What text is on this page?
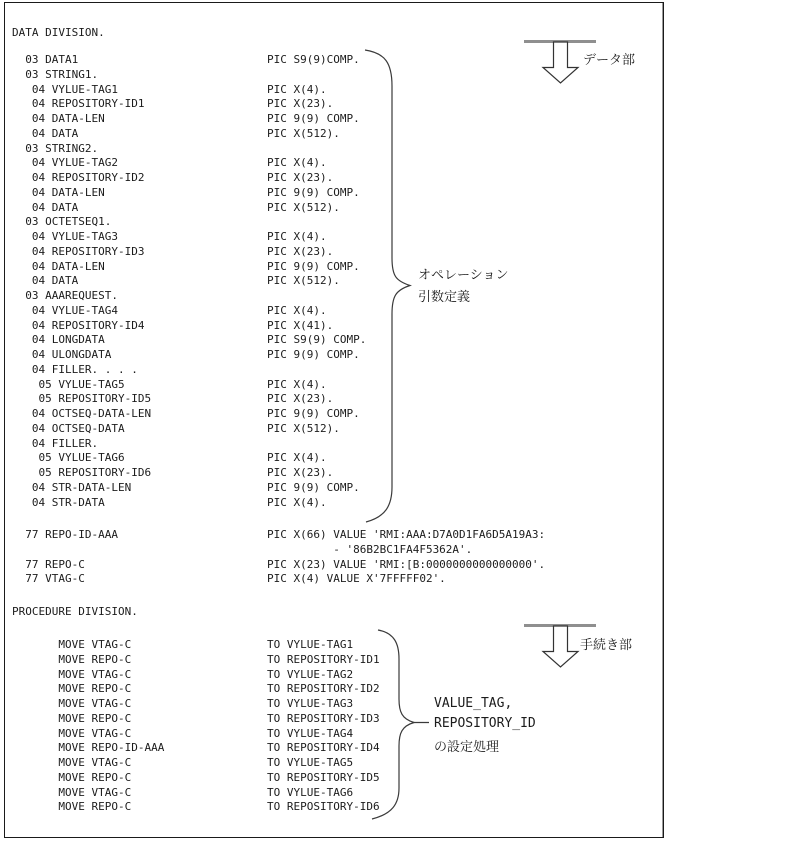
DATA DIVISION.
03 DATA1	PIC S9(9)COMP.
03 STRING1.
04 VYLUE-TAG1	PIC X(4).
04 REPOSITORY-ID1	PIC X(23).
04 DATA-LEN	PIC 9(9) COMP.
04 DATA	PIC X(512).
03 STRING2.
04 VYLUE-TAG2	PIC X(4).
04 REPOSITORY-ID2	PIC X(23).
04 DATA-LEN	PIC 9(9) COMP.
04 DATA	PIC X(512).
03 OCTETSEQ1.
04 VYLUE-TAG3	PIC X(4).
04 REPOSITORY-ID3	PIC X(23).
04 DATA-LEN	PIC 9(9) COMP.
04 DATA	PIC X(512).
03 AAAREQUEST.
04 VYLUE-TAG4	PIC X(4).
04 REPOSITORY-ID4	PIC X(41).
04 LONGDATA	PIC S9(9) COMP.
04 ULONGDATA	PIC 9(9) COMP.
04 FILLER. . . .
05 VYLUE-TAG5	PIC X(4).
05 REPOSITORY-ID5	PIC X(23).
04 OCTSEQ-DATA-LEN	PIC 9(9) COMP.
04 OCTSEQ-DATA	PIC X(512).
04 FILLER.
05 VYLUE-TAG6	PIC X(4).
05 REPOSITORY-ID6	PIC X(23).
04 STR-DATA-LEN	PIC 9(9) COMP.
04 STR-DATA	PIC X(4).
77 REPO-ID-AAA	PIC X(66) VALUE 'RMI:AAA:D7A0D1FA6D5A19A3:
- '86B2BC1FA4F5362A'.
77 REPO-C	PIC X(23) VALUE 'RMI:[B:0000000000000000'.
77 VTAG-C	PIC X(4) VALUE X'7FFFFF02'.
PROCEDURE DIVISION.
MOVE VTAG-C	TO VYLUE-TAG1
MOVE REPO-C	TO REPOSITORY-ID1
MOVE VTAG-C	TO VYLUE-TAG2
MOVE REPO-C	TO REPOSITORY-ID2
MOVE VTAG-C	TO VYLUE-TAG3
MOVE REPO-C	TO REPOSITORY-ID3
MOVE VTAG-C	TO VYLUE-TAG4
MOVE REPO-ID-AAA	TO REPOSITORY-ID4
MOVE VTAG-C	TO VYLUE-TAG5
MOVE REPO-C	TO REPOSITORY-ID5
MOVE VTAG-C	TO VYLUE-TAG6
MOVE REPO-C	TO REPOSITORY-ID6
データ部
オペレーション
引数定義
手続き部
VALUE_TAG,
REPOSITORY_ID
の設定処理
